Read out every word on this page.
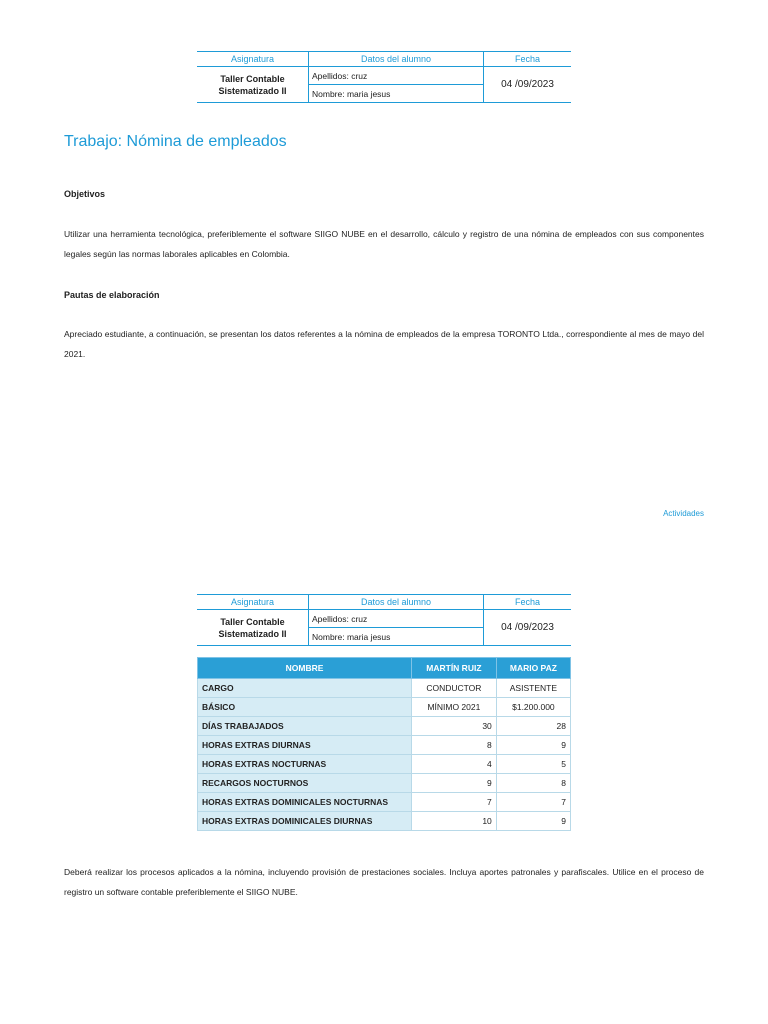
Asignatura	Datos del alumno	Fecha
Taller Contable
Sistematizado II	Apellidos: cruz	04 /09/2023
	Nombre: maria jesus	
Trabajo: Nómina de empleados

Objetivos

Utilizar una herramienta tecnológica, preferiblemente el software SIIGO NUBE en el desarrollo, cálculo y registro de una nómina de empleados con sus componentes legales según las normas laborales aplicables en Colombia.

Pautas de elaboración

Apreciado estudiante, a continuación, se presentan los datos referentes a la nómina de empleados de la empresa TORONTO Ltda., correspondiente al mes de mayo del 2021.

Actividades
Asignatura	Datos del alumno	Fecha
Taller Contable
Sistematizado II	Apellidos: cruz	04 /09/2023
	Nombre: maria jesus	
NOMBRE	MARTÍN RUIZ	MARIO PAZ
CARGO	CONDUCTOR	ASISTENTE
BÁSICO	MÍNIMO 2021	$1.200.000
DÍAS TRABAJADOS	30	28
HORAS EXTRAS DIURNAS	8	9
HORAS EXTRAS NOCTURNAS	4	5
RECARGOS NOCTURNOS	9	8
HORAS EXTRAS DOMINICALES NOCTURNAS	7	7
HORAS EXTRAS DOMINICALES DIURNAS	10	9

Deberá realizar los procesos aplicados a la nómina, incluyendo provisión de prestaciones sociales. Incluya aportes patronales y parafiscales. Utilice en el proceso de registro un software contable preferiblemente el SIIGO NUBE.
